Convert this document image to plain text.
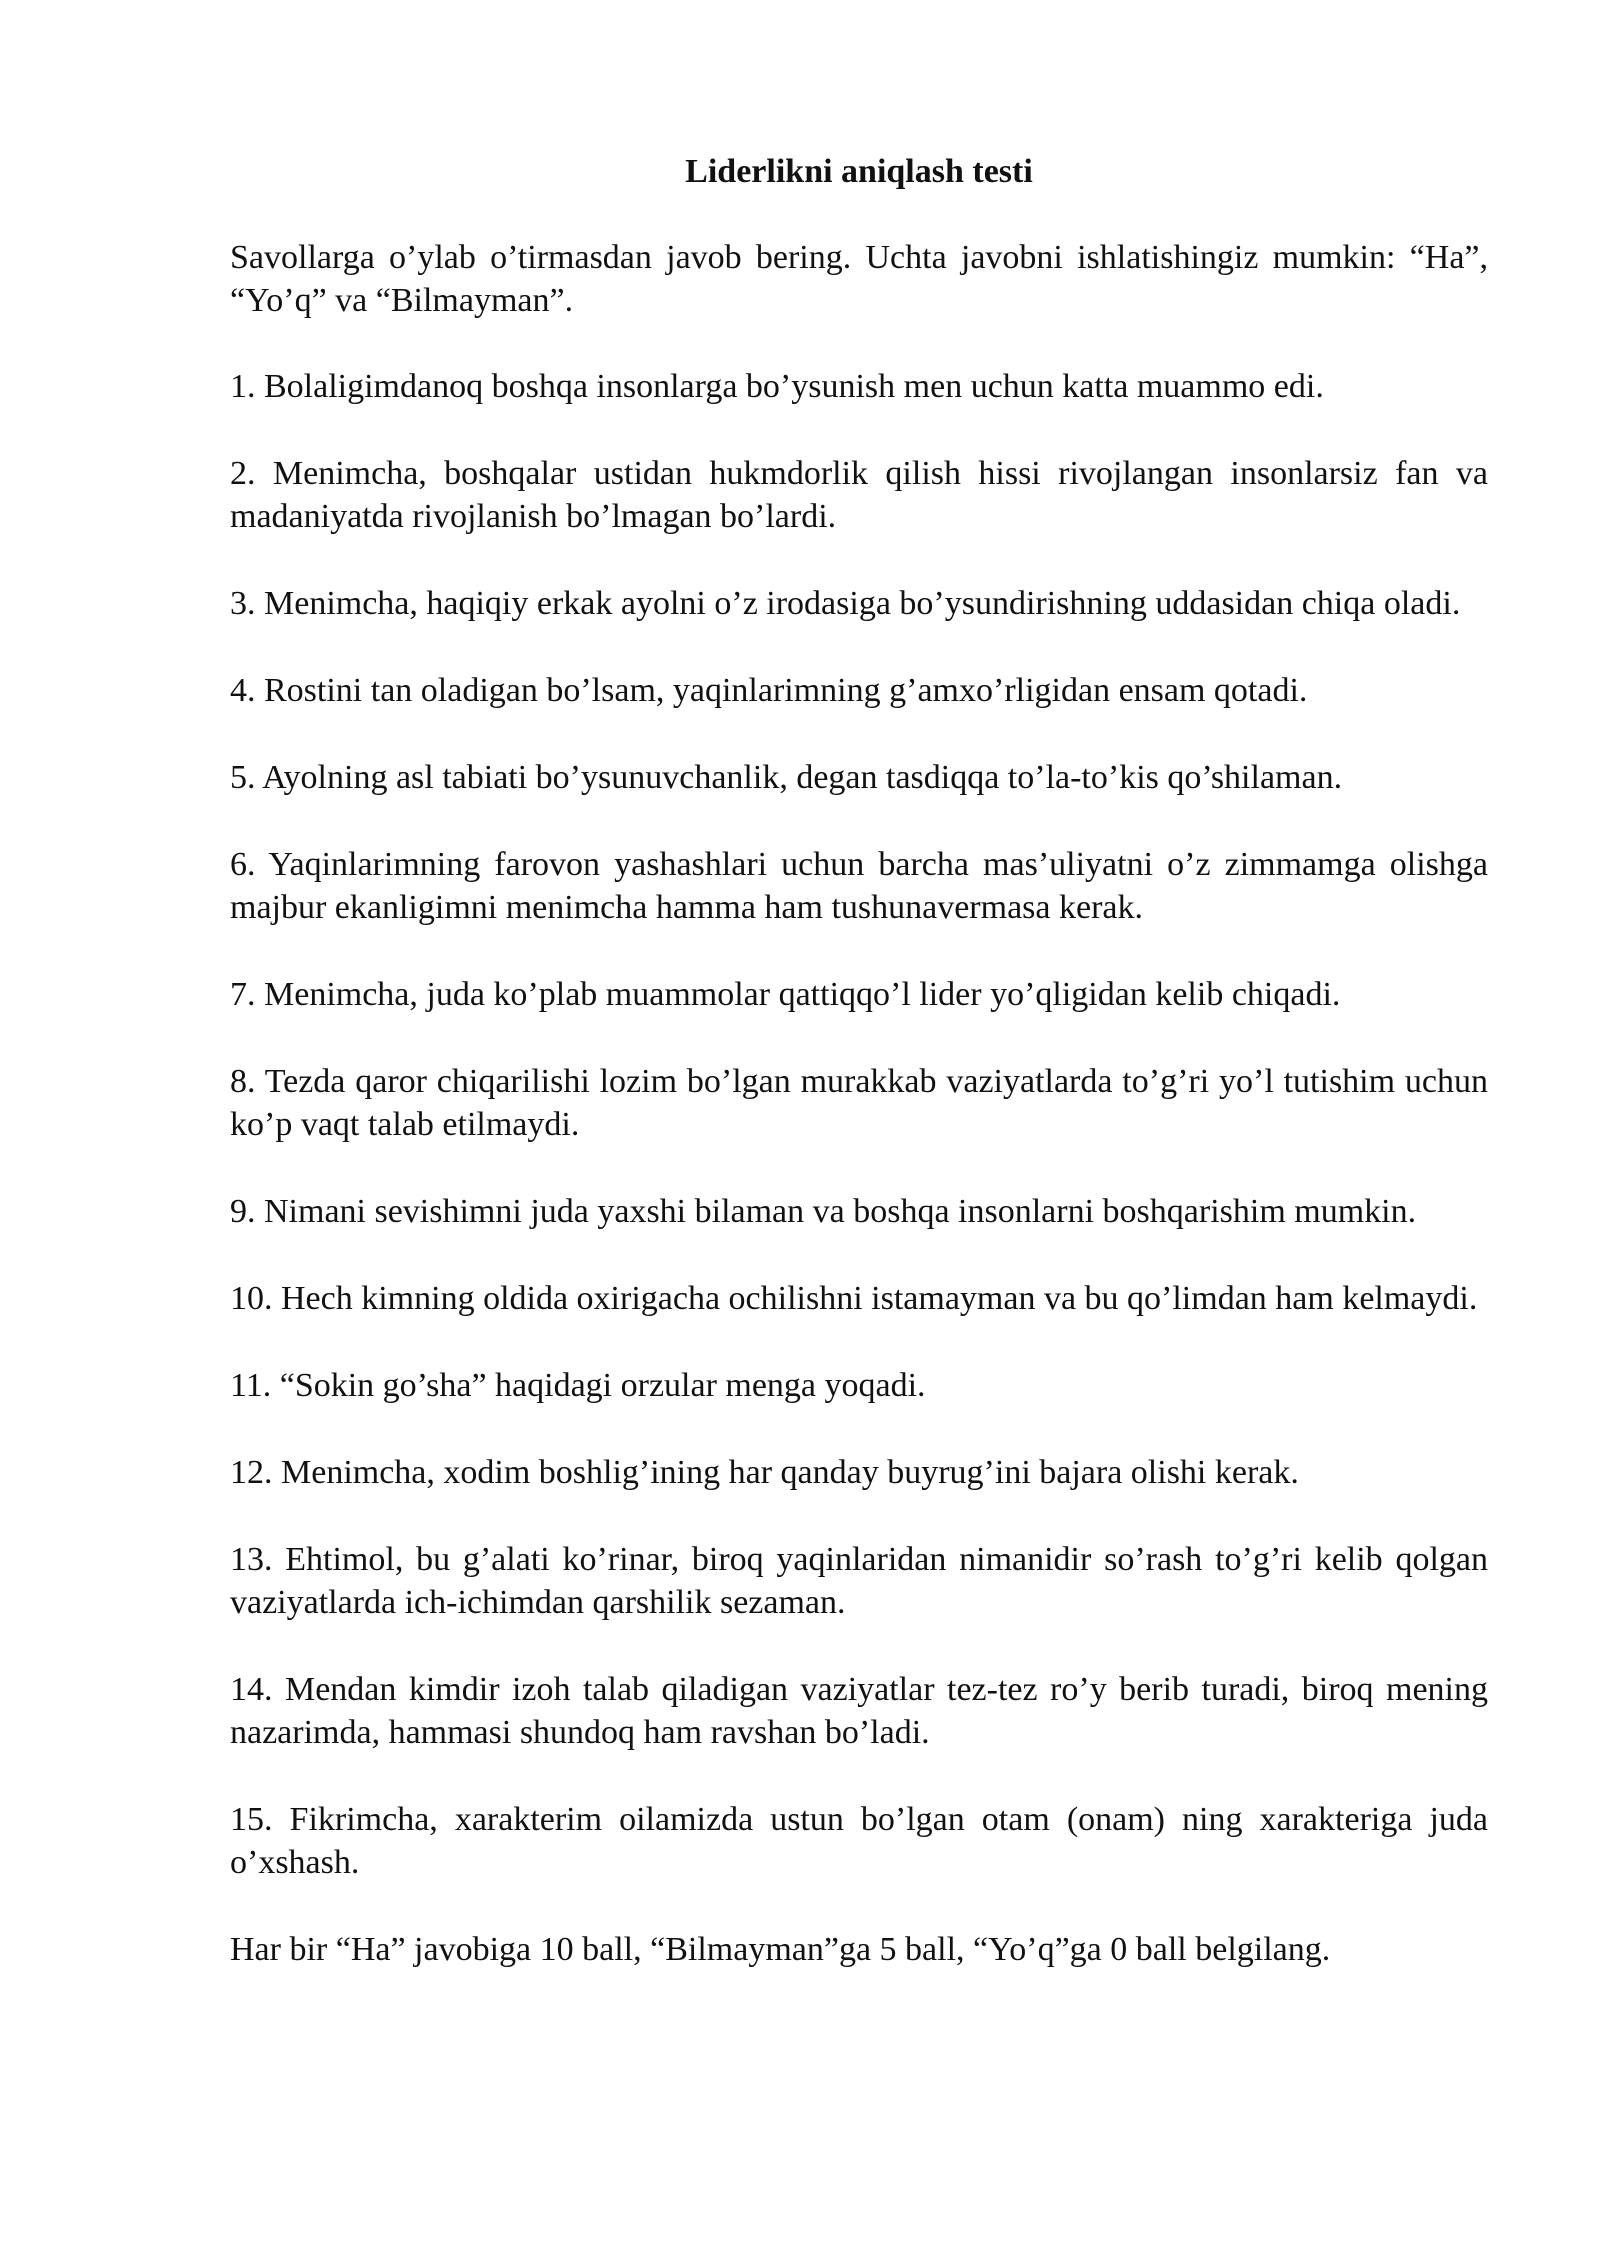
Liderlikni aniqlash testi
Savollarga o’ylab o’tirmasdan javob bering. Uchta javobni ishlatishingiz mumkin: “Ha”, “Yo’q” va “Bilmayman”.
1. Bolaligimdanoq boshqa insonlarga bo’ysunish men uchun katta muammo edi.
2. Menimcha, boshqalar ustidan hukmdorlik qilish hissi rivojlangan insonlarsiz fan va madaniyatda rivojlanish bo’lmagan bo’lardi.
3. Menimcha, haqiqiy erkak ayolni o’z irodasiga bo’ysundirishning uddasidan chiqa oladi.
4. Rostini tan oladigan bo’lsam, yaqinlarimning g’amxo’rligidan ensam qotadi.
5. Ayolning asl tabiati bo’ysunuvchanlik, degan tasdiqqa to’la-to’kis qo’shilaman.
6. Yaqinlarimning farovon yashashlari uchun barcha mas’uliyatni o’z zimmamga olishga majbur ekanligimni menimcha hamma ham tushunavermasa kerak.
7. Menimcha, juda ko’plab muammolar qattiqqo’l lider yo’qligidan kelib chiqadi.
8. Tezda qaror chiqarilishi lozim bo’lgan murakkab vaziyatlarda to’g’ri yo’l tutishim uchun ko’p vaqt talab etilmaydi.
9. Nimani sevishimni juda yaxshi bilaman va boshqa insonlarni boshqarishim mumkin.
10. Hech kimning oldida oxirigacha ochilishni istamayman va bu qo’limdan ham kelmaydi.
11. “Sokin go’sha” haqidagi orzular menga yoqadi.
12. Menimcha, xodim boshlig’ining har qanday buyrug’ini bajara olishi kerak.
13. Ehtimol, bu g’alati ko’rinar, biroq yaqinlaridan nimanidir so’rash to’g’ri kelib qolgan vaziyatlarda ich-ichimdan qarshilik sezaman.
14. Mendan kimdir izoh talab qiladigan vaziyatlar tez-tez ro’y berib turadi, biroq mening nazarimda, hammasi shundoq ham ravshan bo’ladi.
15. Fikrimcha, xarakterim oilamizda ustun bo’lgan otam (onam) ning xarakteriga juda o’xshash.
Har bir “Ha” javobiga 10 ball, “Bilmayman”ga 5 ball, “Yo’q”ga 0 ball belgilang.
